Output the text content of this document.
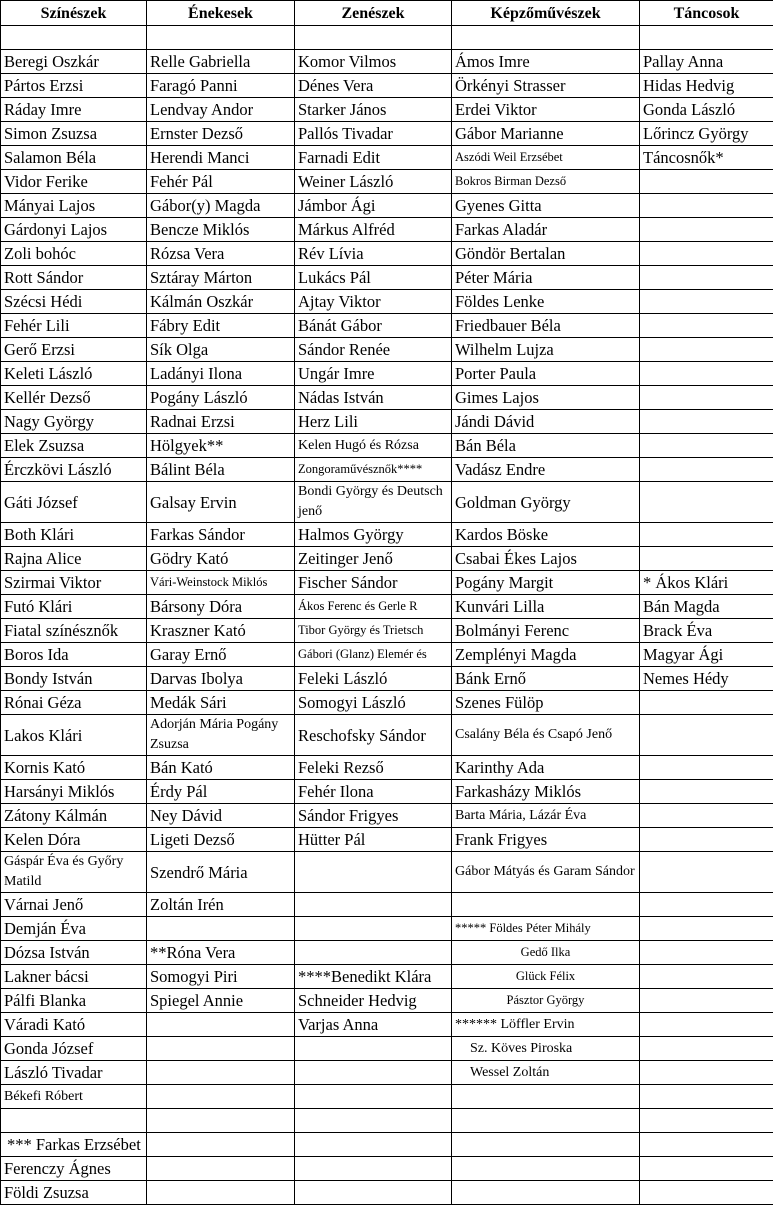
Színészek	Énekesek	Zenészek	Képzőművészek	Táncosok

Beregi Oszkár	Relle Gabriella	Komor Vilmos	Ámos Imre	Pallay Anna
Pártos Erzsi	Faragó Panni	Dénes Vera	Örkényi Strasser	Hidas Hedvig
Ráday Imre	Lendvay Andor	Starker János	Erdei Viktor	Gonda László
Simon Zsuzsa	Ernster Dezső	Pallós Tivadar	Gábor Marianne	Lőrincz György
Salamon Béla	Herendi Manci	Farnadi Edit	Aszódi Weil Erzsébet	Táncosnők*
Vidor Ferike	Fehér Pál	Weiner László	Bokros Birman Dezső	
Mányai Lajos	Gábor(y) Magda	Jámbor Ági	Gyenes Gitta	
Gárdonyi Lajos	Bencze Miklós	Márkus Alfréd	Farkas Aladár	
Zoli bohóc	Rózsa Vera	Rév Lívia	Göndör Bertalan	
Rott Sándor	Sztáray Márton	Lukács Pál	Péter Mária	
Szécsi Hédi	Kálmán Oszkár	Ajtay Viktor	Földes Lenke	
Fehér Lili	Fábry Edit	Bánát Gábor	Friedbauer Béla	
Gerő Erzsi	Sík Olga	Sándor Renée	Wilhelm Lujza	
Keleti László	Ladányi Ilona	Ungár Imre	Porter Paula	
Kellér Dezső	Pogány László	Nádas István	Gimes Lajos	
Nagy György	Radnai Erzsi	Herz Lili	Jándi Dávid	
Elek Zsuzsa	Hölgyek**	Kelen Hugó és Rózsa	Bán Béla	
Érczkövi László	Bálint Béla	Zongoraművésznők****	Vadász Endre	
Gáti József	Galsay Ervin	Bondi György és Deutsch jenő	Goldman György	
Both Klári	Farkas Sándor	Halmos György	Kardos Böske	
Rajna Alice	Gödry Kató	Zeitinger Jenő	Csabai Ékes Lajos	
Szirmai Viktor	Vári-Weinstock Miklós	Fischer Sándor	Pogány Margit	* Ákos Klári
Futó Klári	Bársony Dóra	Ákos Ferenc és Gerle R	Kunvári Lilla	Bán Magda
Fiatal színésznők	Kraszner Kató	Tibor György és Trietsch	Bolmányi Ferenc	Brack Éva
Boros Ida	Garay Ernő	Gábori (Glanz) Elemér és	Zemplényi Magda	Magyar Ági
Bondy István	Darvas Ibolya	Feleki László	Bánk Ernő	Nemes Hédy
Rónai Géza	Medák Sári	Somogyi László	Szenes Fülöp	
Lakos Klári	Adorján Mária Pogány Zsuzsa	Reschofsky Sándor	Csalány Béla és Csapó Jenő	
Kornis Kató	Bán Kató	Feleki Rezső	Karinthy Ada	
Harsányi Miklós	Érdy Pál	Fehér Ilona	Farkasházy Miklós	
Zátony Kálmán	Ney Dávid	Sándor Frigyes	Barta Mária, Lázár Éva	
Kelen Dóra	Ligeti Dezső	Hütter Pál	Frank Frigyes	
Gáspár Éva és Győry Matild	Szendrő Mária		Gábor Mátyás és Garam Sándor	
Várnai Jenő	Zoltán Irén			
Demján Éva			***** Földes Péter Mihály	
Dózsa István	**Róna Vera		Gedő Ilka	
Lakner bácsi	Somogyi Piri	****Benedikt Klára	Glück Félix	
Pálfi Blanka	Spiegel Annie	Schneider Hedvig	Pásztor György	
Váradi Kató		Varjas Anna	****** Löffler Ervin	
Gonda József			Sz. Köves Piroska	
László Tivadar			Wessel Zoltán	
Békefi Róbert				

*** Farkas Erzsébet				
Ferenczy Ágnes				
Földi Zsuzsa				
